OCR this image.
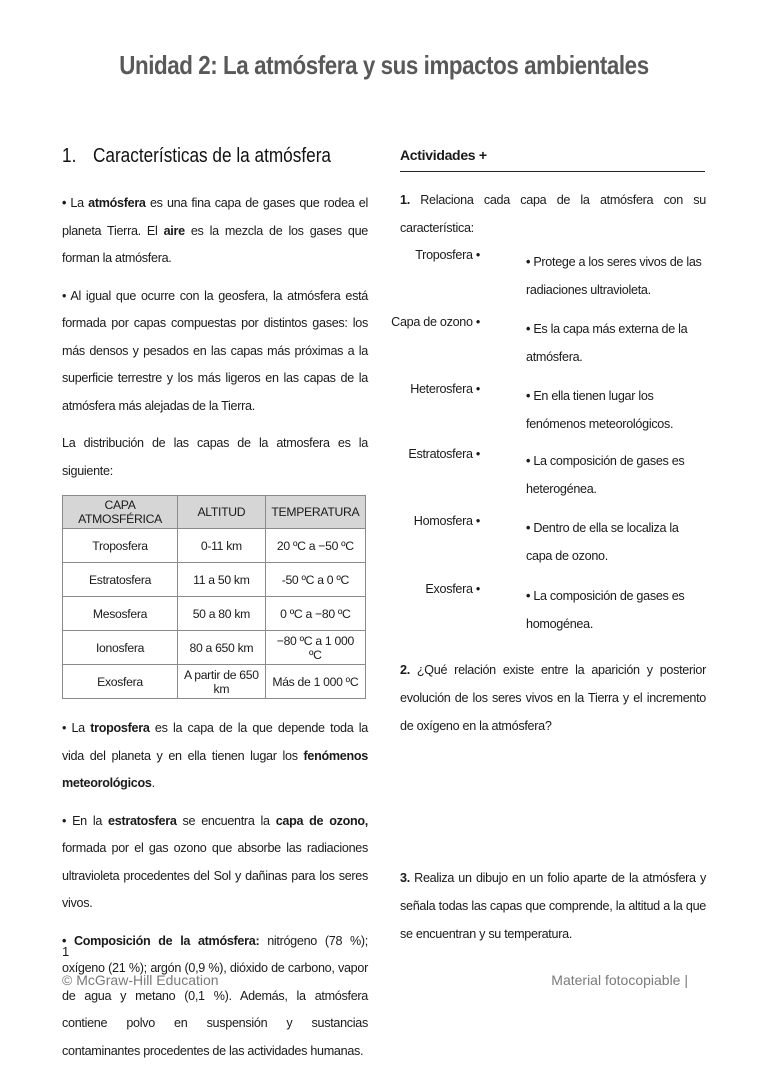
Unidad 2: La atmósfera y sus impactos ambientales
1. Características de la atmósfera

• La atmósfera es una fina capa de gases que rodea el planeta Tierra. El aire es la mezcla de los gases que forman la atmósfera.

• Al igual que ocurre con la geosfera, la atmósfera está formada por capas compuestas por distintos gases: los más densos y pesados en las capas más próximas a la superficie terrestre y los más ligeros en las capas de la atmósfera más alejadas de la Tierra.

La distribución de las capas de la atmosfera es la siguiente:

CAPA ATMOSFÉRICA	ALTITUD	TEMPERATURA
Troposfera	0-11 km	20 ºC a −50 ºC
Estratosfera	11 a 50 km	-50 ºC a 0 ºC
Mesosfera	50 a 80 km	0 ºC a −80 ºC
Ionosfera	80 a 650 km	−80 ºC a 1 000 ºC
Exosfera	A partir de 650 km	Más de 1 000 ºC

• La troposfera es la capa de la que depende toda la vida del planeta y en ella tienen lugar los fenómenos meteorológicos.

• En la estratosfera se encuentra la capa de ozono, formada por el gas ozono que absorbe las radiaciones ultravioleta procedentes del Sol y dañinas para los seres vivos.

• Composición de la atmósfera: nitrógeno (78 %); oxígeno (21 %); argón (0,9 %), dióxido de carbono, vapor de agua y metano (0,1 %). Además, la atmósfera contiene polvo en suspensión y sustancias contaminantes procedentes de las actividades humanas.

Actividades +

1. Relaciona cada capa de la atmósfera con su característica:

Troposfera •	• Protege a los seres vivos de las radiaciones ultravioleta.
Capa de ozono •	• Es la capa más externa de la atmósfera.
Heterosfera •	• En ella tienen lugar los fenómenos meteorológicos.
Estratosfera •	• La composición de gases es heterogénea.
Homosfera •	• Dentro de ella se localiza la capa de ozono.
Exosfera •	• La composición de gases es homogénea.

2. ¿Qué relación existe entre la aparición y posterior evolución de los seres vivos en la Tierra y el incremento de oxígeno en la atmósfera?

3. Realiza un dibujo en un folio aparte de la atmósfera y señala todas las capas que comprende, la altitud a la que se encuentran y su temperatura.

1
© McGraw-Hill Education	Material fotocopiable |
